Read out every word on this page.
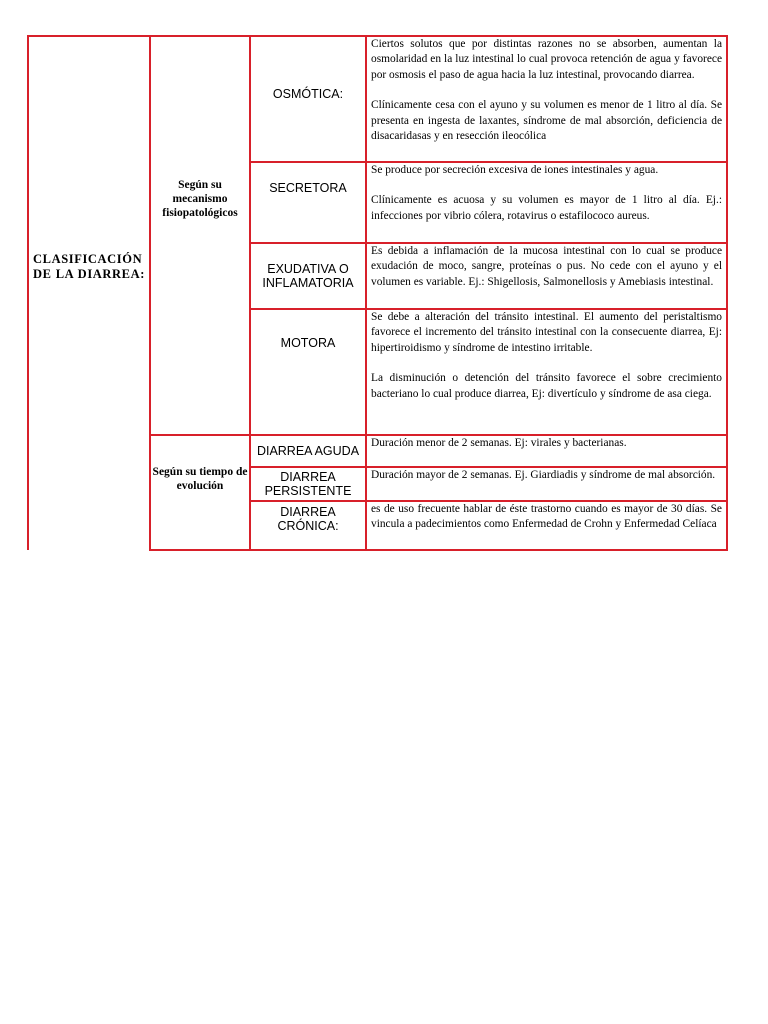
CLASIFICACIÓN DE LA DIARREA:
Según su mecanismo fisiopatológicos
Según su tiempo de evolución
OSMÓTICA:
SECRETORA
EXUDATIVA O INFLAMATORIA
MOTORA
DIARREA AGUDA
DIARREA PERSISTENTE
DIARREA CRÓNICA:

Ciertos solutos que por distintas razones no se absorben, aumentan la osmolaridad en la luz intestinal lo cual provoca retención de agua y favorece por osmosis el paso de agua hacia la luz intestinal, provocando diarrea.

Clínicamente cesa con el ayuno y su volumen es menor de 1 litro al día. Se presenta en ingesta de laxantes, síndrome de mal absorción, deficiencia de disacaridasas y en resección ileocólica

Se produce por secreción excesiva de iones intestinales y agua.

Clínicamente es acuosa y su volumen es mayor de 1 litro al día. Ej.: infecciones por vibrio cólera, rotavirus o estafilococo aureus.

Es debida a inflamación de la mucosa intestinal con lo cual se produce exudación de moco, sangre, proteínas o pus. No cede con el ayuno y el volumen es variable. Ej.: Shigellosis, Salmonellosis y Amebiasis intestinal.

Se debe a alteración del tránsito intestinal. El aumento del peristaltismo favorece el incremento del tránsito intestinal con la consecuente diarrea, Ej: hipertiroidismo y síndrome de intestino irritable.

La disminución o detención del tránsito favorece el sobre crecimiento bacteriano lo cual produce diarrea, Ej: divertículo y síndrome de asa ciega.

Duración menor de 2 semanas. Ej: virales y bacterianas.

Duración mayor de 2 semanas. Ej. Giardiadis y síndrome de mal absorción.

es de uso frecuente hablar de éste trastorno cuando es mayor de 30 días. Se vincula a padecimientos como Enfermedad de Crohn y Enfermedad Celíaca
